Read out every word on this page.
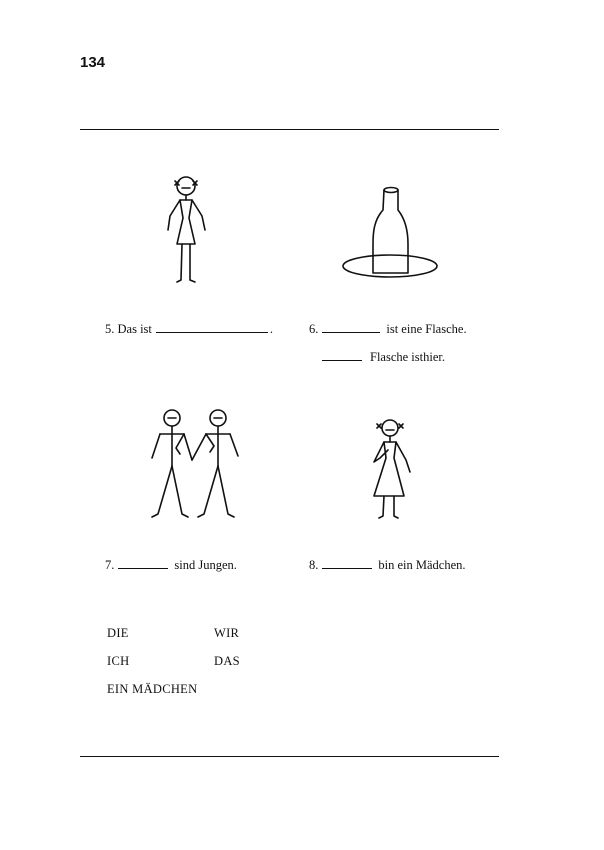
134
5. Das ist	.	6.	ist eine Flasche.
Flasche isthier.
7.	sind Jungen.	8.	bin ein Mädchen.
DIE	WIR
ICH	DAS
EIN MÄDCHEN
